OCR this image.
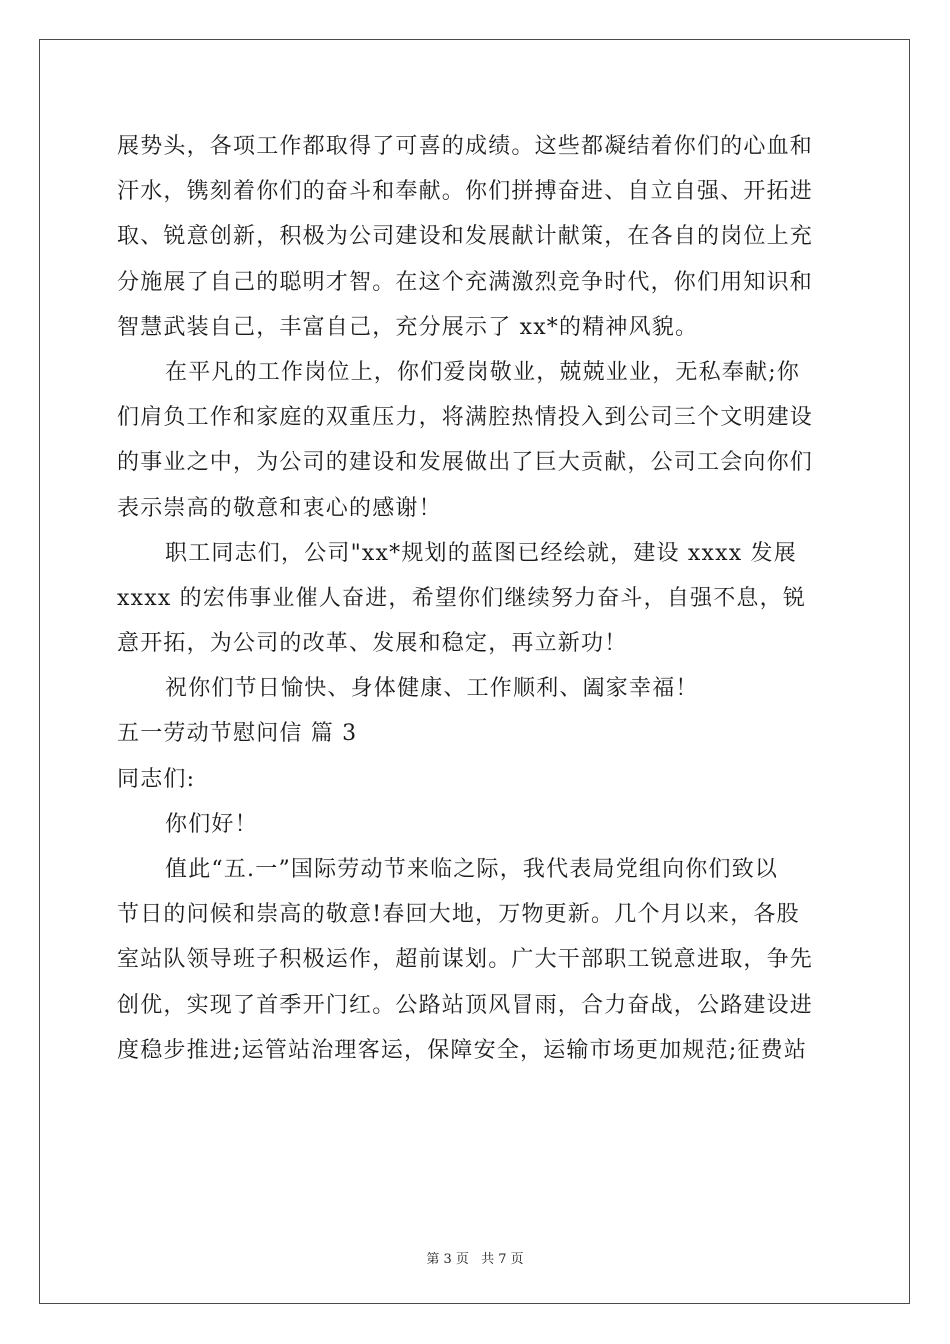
展势头，各项工作都取得了可喜的成绩。这些都凝结着你们的心血和
汗水，镌刻着你们的奋斗和奉献。你们拼搏奋进、自立自强、开拓进
取、锐意创新，积极为公司建设和发展献计献策，在各自的岗位上充
分施展了自己的聪明才智。在这个充满激烈竞争时代，你们用知识和
智慧武装自己，丰富自己，充分展示了 xx*的精神风貌。
在平凡的工作岗位上，你们爱岗敬业，兢兢业业，无私奉献;你
们肩负工作和家庭的双重压力，将满腔热情投入到公司三个文明建设
的事业之中，为公司的建设和发展做出了巨大贡献，公司工会向你们
表示崇高的敬意和衷心的感谢！
职工同志们，公司"xx*规划的蓝图已经绘就，建设 xxxx 发展
xxxx 的宏伟事业催人奋进，希望你们继续努力奋斗，自强不息，锐
意开拓，为公司的改革、发展和稳定，再立新功！
祝你们节日愉快、身体健康、工作顺利、阖家幸福！
五一劳动节慰问信 篇 3
同志们:
你们好！
值此“五.一”国际劳动节来临之际，我代表局党组向你们致以
节日的问候和崇高的敬意!春回大地，万物更新。几个月以来，各股
室站队领导班子积极运作，超前谋划。广大干部职工锐意进取，争先
创优，实现了首季开门红。公路站顶风冒雨，合力奋战，公路建设进
度稳步推进;运管站治理客运，保障安全，运输市场更加规范;征费站
第 3 页 共 7 页
